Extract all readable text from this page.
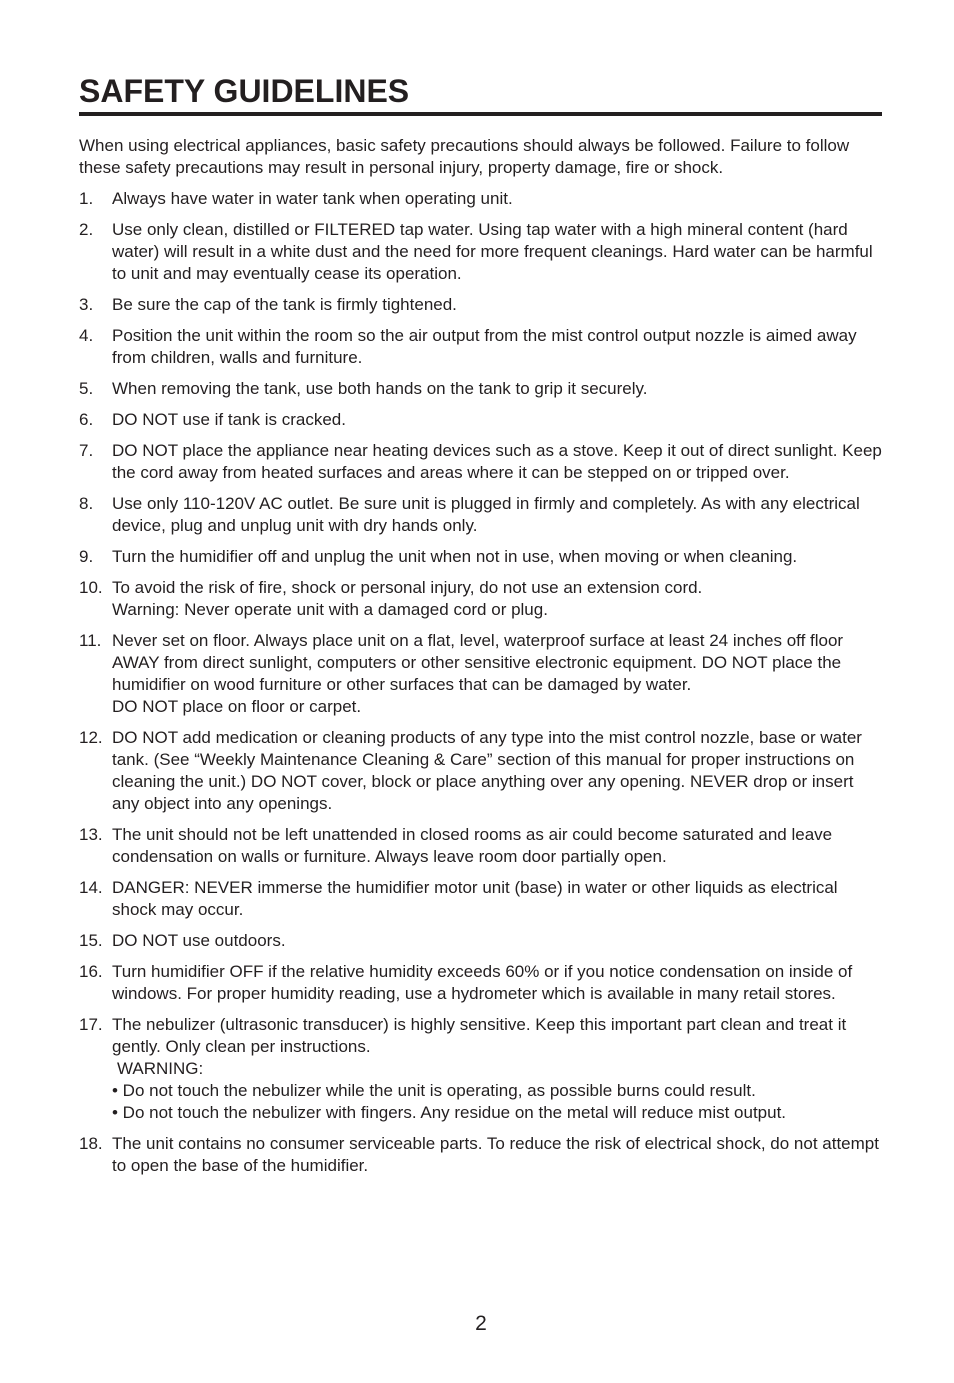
SAFETY GUIDELINES

When using electrical appliances, basic safety precautions should always be followed. Failure to follow these safety precautions may result in personal injury, property damage, fire or shock.

1. Always have water in water tank when operating unit.
2. Use only clean, distilled or FILTERED tap water. Using tap water with a high mineral content (hard water) will result in a white dust and the need for more frequent cleanings. Hard water can be harmful to unit and may eventually cease its operation.
3. Be sure the cap of the tank is firmly tightened.
4. Position the unit within the room so the air output from the mist control output nozzle is aimed away from children, walls and furniture.
5. When removing the tank, use both hands on the tank to grip it securely.
6. DO NOT use if tank is cracked.
7. DO NOT place the appliance near heating devices such as a stove. Keep it out of direct sunlight. Keep the cord away from heated surfaces and areas where it can be stepped on or tripped over.
8. Use only 110-120V AC outlet. Be sure unit is plugged in firmly and completely. As with any electrical device, plug and unplug unit with dry hands only.
9. Turn the humidifier off and unplug the unit when not in use, when moving or when cleaning.
10. To avoid the risk of fire, shock or personal injury, do not use an extension cord.
Warning: Never operate unit with a damaged cord or plug.
11. Never set on floor. Always place unit on a flat, level, waterproof surface at least 24 inches off floor AWAY from direct sunlight, computers or other sensitive electronic equipment. DO NOT place the humidifier on wood furniture or other surfaces that can be damaged by water.
DO NOT place on floor or carpet.
12. DO NOT add medication or cleaning products of any type into the mist control nozzle, base or water tank. (See “Weekly Maintenance Cleaning & Care” section of this manual for proper instructions on cleaning the unit.) DO NOT cover, block or place anything over any opening. NEVER drop or insert any object into any openings.
13. The unit should not be left unattended in closed rooms as air could become saturated and leave condensation on walls or furniture. Always leave room door partially open.
14. DANGER: NEVER immerse the humidifier motor unit (base) in water or other liquids as electrical shock may occur.
15. DO NOT use outdoors.
16. Turn humidifier OFF if the relative humidity exceeds 60% or if you notice condensation on inside of windows. For proper humidity reading, use a hydrometer which is available in many retail stores.
17. The nebulizer (ultrasonic transducer) is highly sensitive. Keep this important part clean and treat it gently. Only clean per instructions.
WARNING:
• Do not touch the nebulizer while the unit is operating, as possible burns could result.
• Do not touch the nebulizer with fingers. Any residue on the metal will reduce mist output.
18. The unit contains no consumer serviceable parts. To reduce the risk of electrical shock, do not attempt to open the base of the humidifier.
2
